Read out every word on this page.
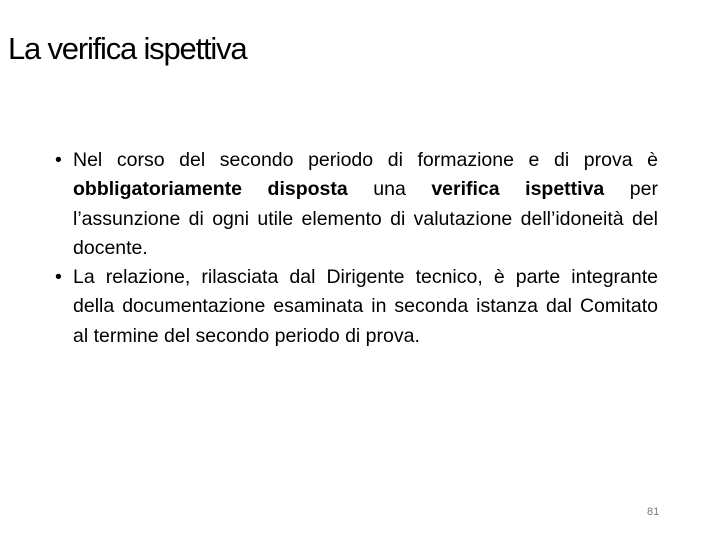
La verifica ispettiva
• Nel corso del secondo periodo di formazione e di prova è obbligatoriamente disposta una verifica ispettiva per l’assunzione di ogni utile elemento di valutazione dell’idoneità del docente.
• La relazione, rilasciata dal Dirigente tecnico, è parte integrante della documentazione esaminata in seconda istanza dal Comitato al termine del secondo periodo di prova.
81
